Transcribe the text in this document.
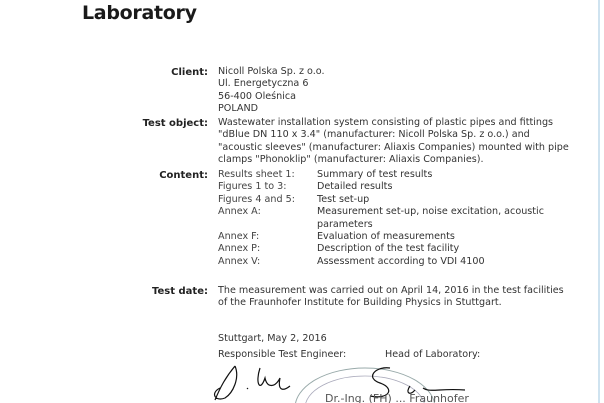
Laboratory
Client: Nicoll Polska Sp. z o.o.
Ul. Energetyczna 6
56-400 Oleśnica
POLAND
Test object: Wastewater installation system consisting of plastic pipes and fittings
"dBlue DN 110 x 3.4" (manufacturer: Nicoll Polska Sp. z o.o.) and
"acoustic sleeves" (manufacturer: Aliaxis Companies) mounted with pipe
clamps "Phonoklip" (manufacturer: Aliaxis Companies).
Content: Results sheet 1: Summary of test results
Figures 1 to 3:	Detailed results
Figures 4 and 5: Test set-up
Annex A:	Measurement set-up, noise excitation, acoustic
parameters
Annex F:	Evaluation of measurements
Annex P:	Description of the test facility
Annex V:	Assessment according to VDI 4100
Test date: The measurement was carried out on April 14, 2016 in the test facilities
of the Fraunhofer Institute for Building Physics in Stuttgart.
Stuttgart, May 2, 2016
Responsible Test Engineer:	Head of Laboratory:
Dr.-Ing. (FH) ... Fraunhofer
